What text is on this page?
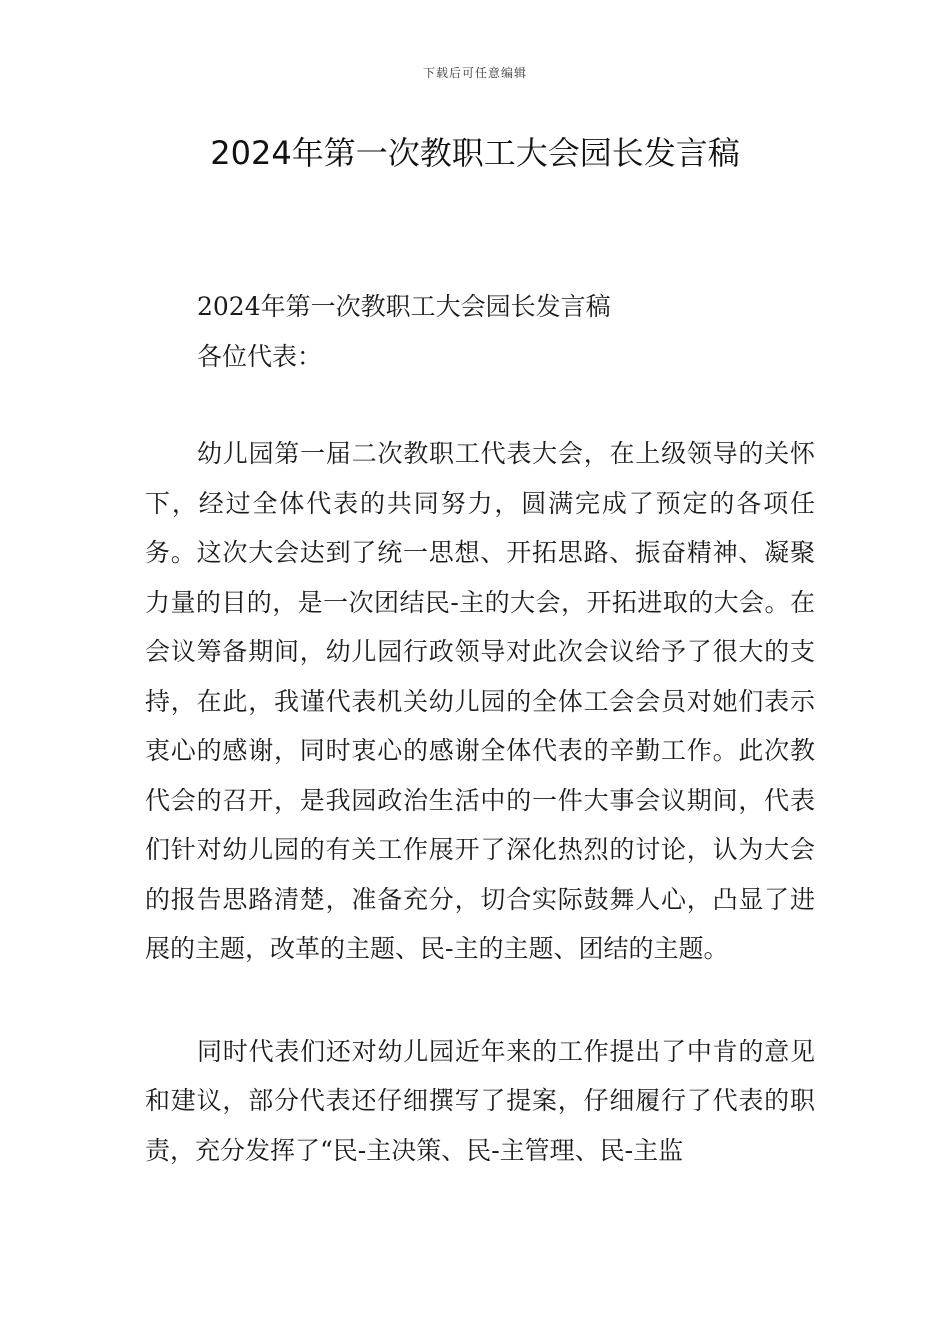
下载后可任意编辑
2024年第一次教职工大会园长发言稿

2024年第一次教职工大会园长发言稿

各位代表：

幼儿园第一届二次教职工代表大会，在上级领导的关怀下，经过全体代表的共同努力，圆满完成了预定的各项任务。这次大会达到了统一思想、开拓思路、振奋精神、凝聚力量的目的，是一次团结民-主的大会，开拓进取的大会。在会议筹备期间，幼儿园行政领导对此次会议给予了很大的支持，在此，我谨代表机关幼儿园的全体工会会员对她们表示衷心的感谢，同时衷心的感谢全体代表的辛勤工作。此次教代会的召开，是我园政治生活中的一件大事会议期间，代表们针对幼儿园的有关工作展开了深化热烈的讨论，认为大会的报告思路清楚，准备充分，切合实际鼓舞人心，凸显了进展的主题，改革的主题、民-主的主题、团结的主题。

同时代表们还对幼儿园近年来的工作提出了中肯的意见和建议，部分代表还仔细撰写了提案，仔细履行了代表的职责，充分发挥了“民-主决策、民-主管理、民-主监
